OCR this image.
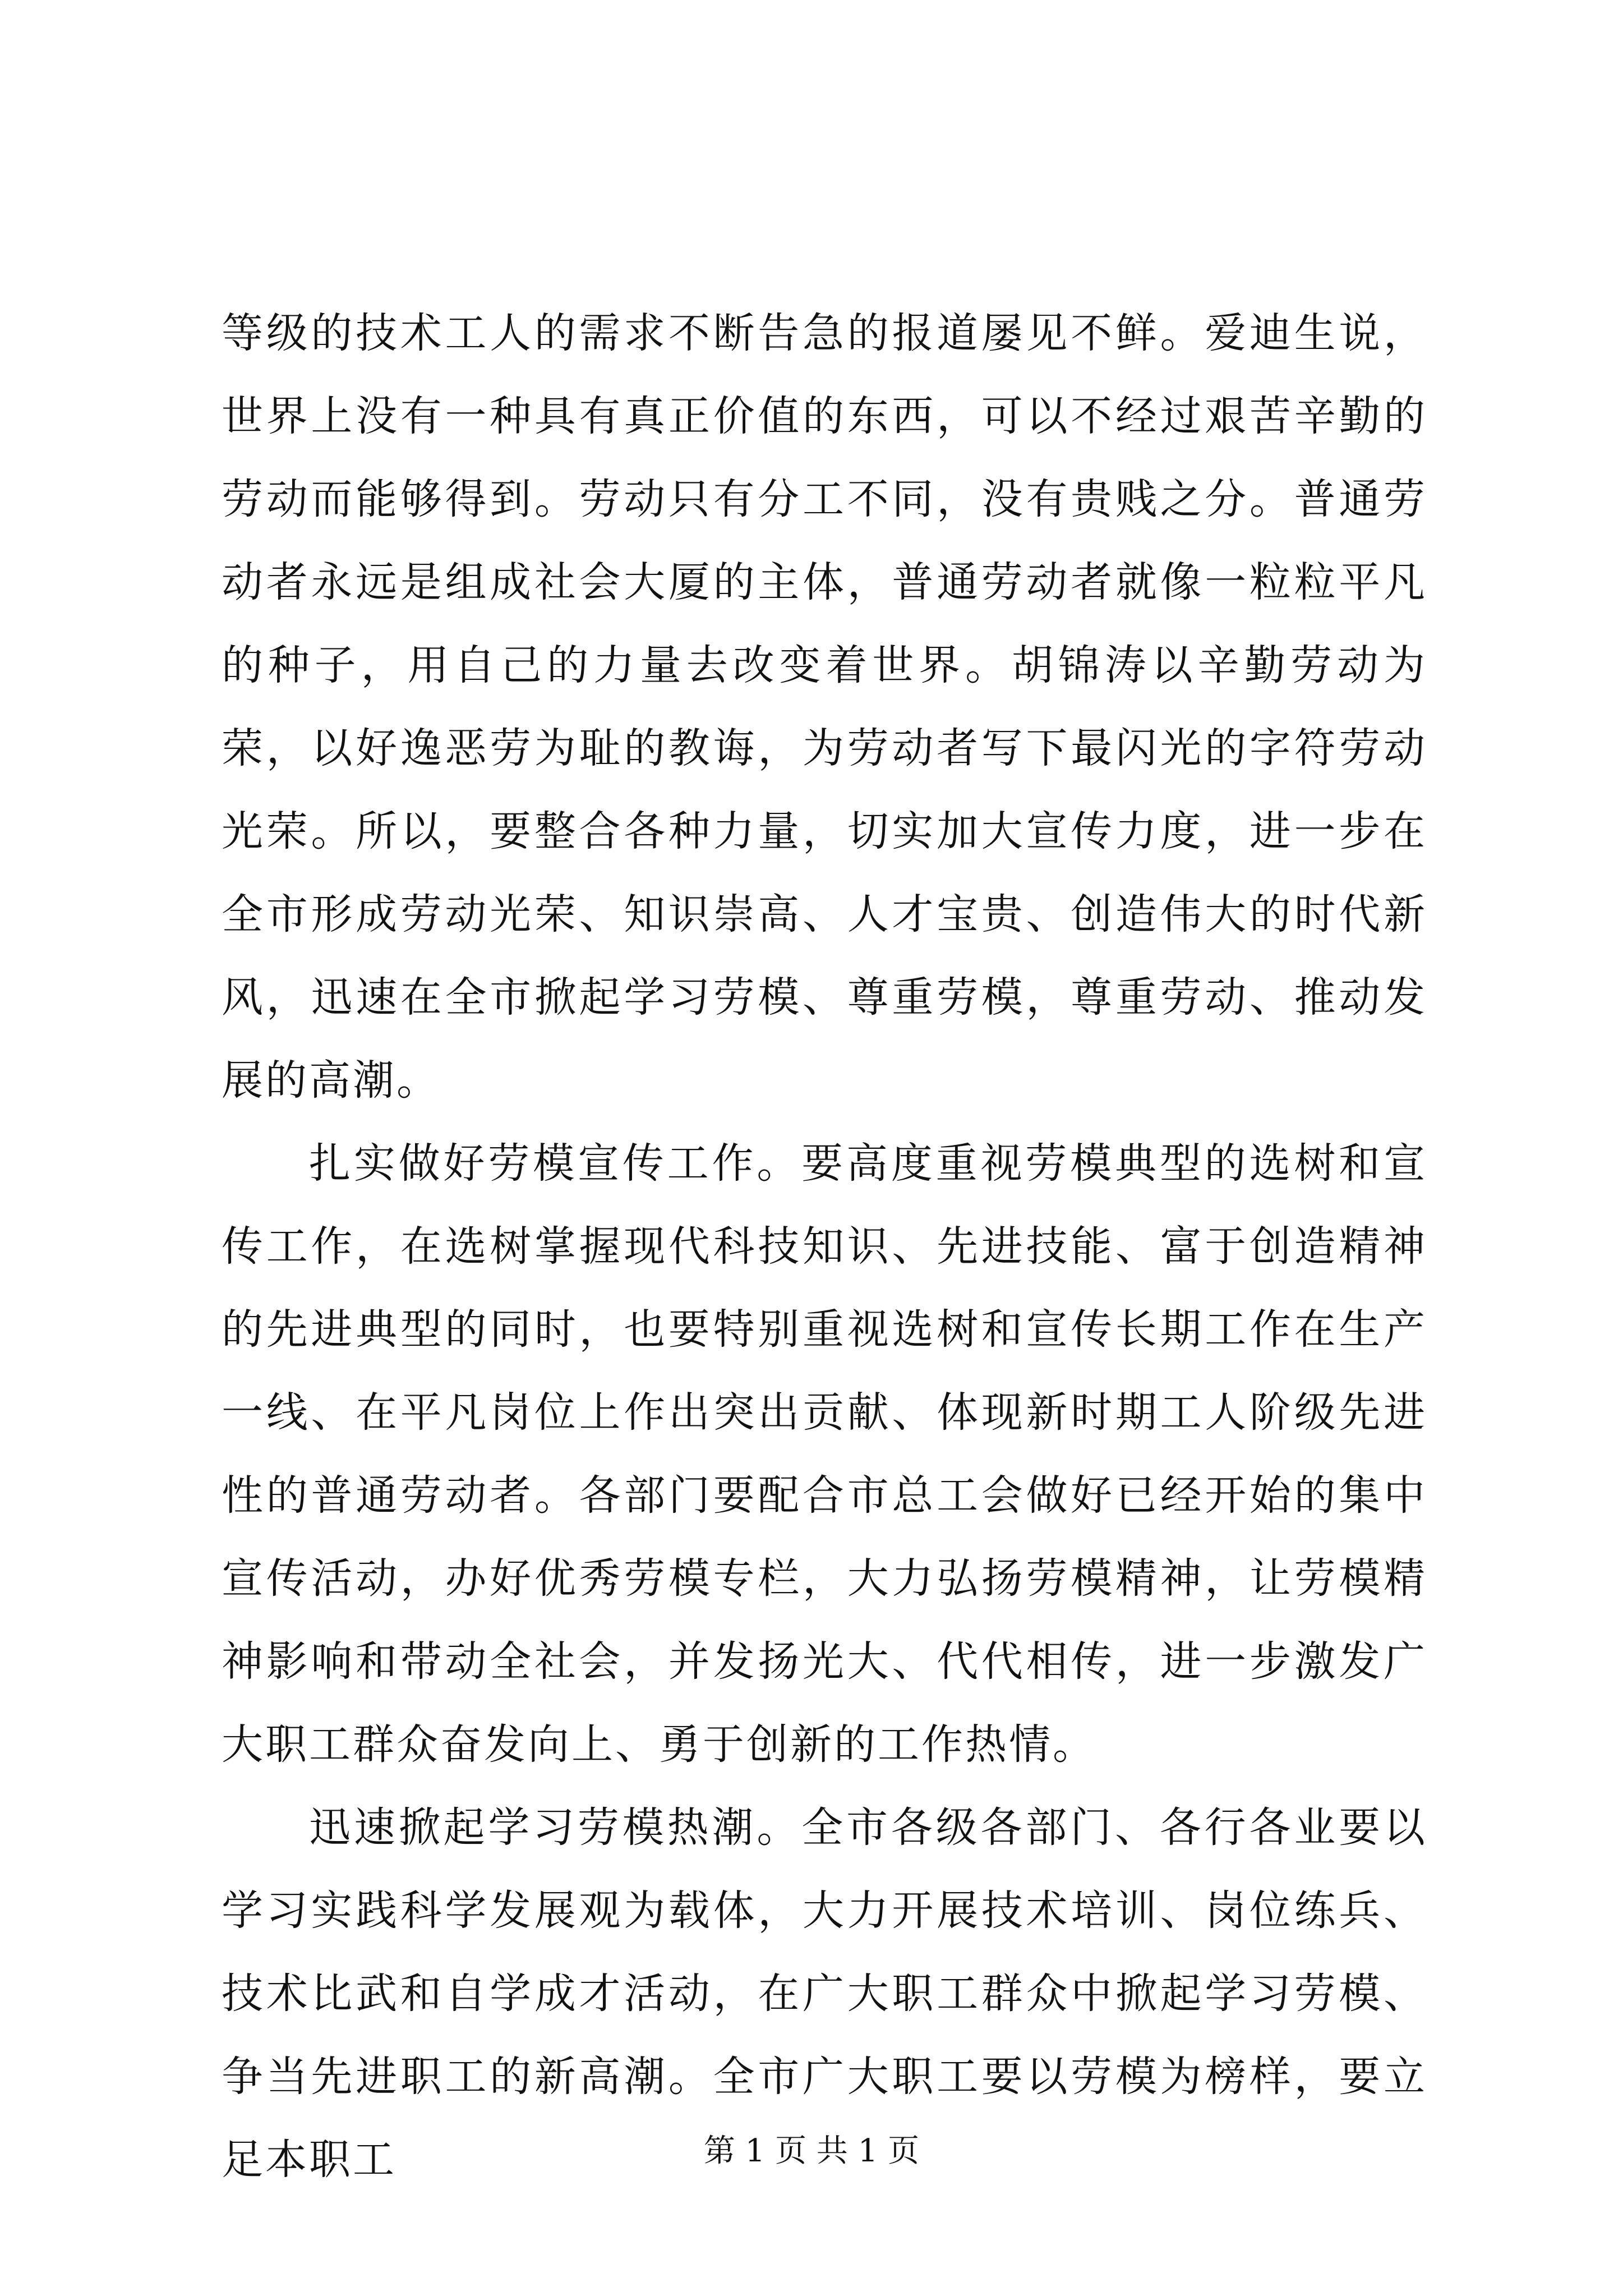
等级的技术工人的需求不断告急的报道屡见不鲜。爱迪生说，世界上没有一种具有真正价值的东西，可以不经过艰苦辛勤的劳动而能够得到。劳动只有分工不同，没有贵贱之分。普通劳动者永远是组成社会大厦的主体，普通劳动者就像一粒粒平凡的种子，用自己的力量去改变着世界。胡锦涛以辛勤劳动为荣，以好逸恶劳为耻的教诲，为劳动者写下最闪光的字符劳动光荣。所以，要整合各种力量，切实加大宣传力度，进一步在全市形成劳动光荣、知识崇高、人才宝贵、创造伟大的时代新风，迅速在全市掀起学习劳模、尊重劳模，尊重劳动、推动发展的高潮。

扎实做好劳模宣传工作。要高度重视劳模典型的选树和宣传工作，在选树掌握现代科技知识、先进技能、富于创造精神的先进典型的同时，也要特别重视选树和宣传长期工作在生产一线、在平凡岗位上作出突出贡献、体现新时期工人阶级先进性的普通劳动者。各部门要配合市总工会做好已经开始的集中宣传活动，办好优秀劳模专栏，大力弘扬劳模精神，让劳模精神影响和带动全社会，并发扬光大、代代相传，进一步激发广大职工群众奋发向上、勇于创新的工作热情。

迅速掀起学习劳模热潮。全市各级各部门、各行各业要以学习实践科学发展观为载体，大力开展技术培训、岗位练兵、技术比武和自学成才活动，在广大职工群众中掀起学习劳模、争当先进职工的新高潮。全市广大职工要以劳模为榜样，要立足本职工	第 1 页 共 1 页
